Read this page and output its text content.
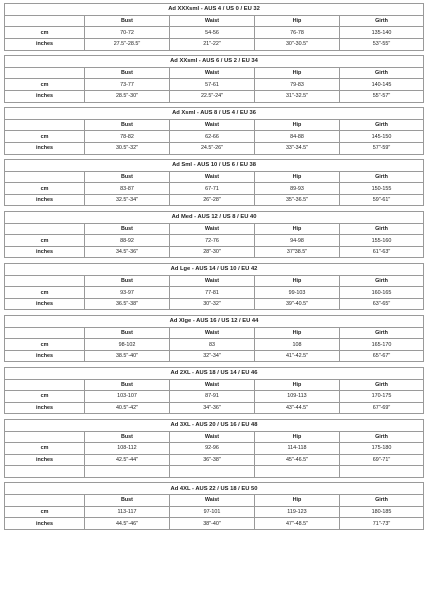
Ad XXXsml - AUS 4 / US 0 / EU 32				
	Bust	Waist	Hip	Girth
cm	70-72	54-56	76-78	135-140
inches	27.5"-28.5"	21"-22"	30"-30.5"	53"-55"
Ad XXsml - AUS 6 / US 2 / EU 34				
	Bust	Waist	Hip	Girth
cm	73-77	57-61	79-83	140-145
inches	28.5"-30"	22.5"-24"	31"-32.5"	55"-57"
Ad Xsml - AUS 8 / US 4 / EU 36				
	Bust	Waist	Hip	Girth
cm	78-82	62-66	84-88	145-150
inches	30.5"-32"	24.5"-26"	33"-34.5"	57"-59"
Ad Sml - AUS 10 / US 6 / EU 38				
	Bust	Waist	Hip	Girth
cm	83-87	67-71	89-93	150-155
inches	32.5"-34"	26"-28"	35"-36.5"	59"-61"
Ad Med - AUS 12 / US 8 / EU 40				
	Bust	Waist	Hip	Girth
cm	88-92	72-76	94-98	155-160
inches	34.5"-36"	28"-30"	37"38.5"	61"-63"
Ad Lge - AUS 14 / US 10 / EU 42				
	Bust	Waist	Hip	Girth
cm	93-97	77-81	99-103	160-165
inches	36.5"-38"	30"-32"	39"-40.5"	63"-65"
Ad Xlge - AUS 16 / US 12 / EU 44				
	Bust	Waist	Hip	Girth
cm	98-102	83	108	165-170
inches	38.5"-40"	32"-34"	41"-42.5"	65"-67"
Ad 2XL - AUS 18 / US 14 / EU 46				
	Bust	Waist	Hip	Girth
cm	103-107	87-91	109-113	170-175
inches	40.5"-42"	34"-36"	43"-44.5"	67"-69"
Ad 3XL - AUS 20 / US 16 / EU 48				
	Bust	Waist	Hip	Girth
cm	108-112	92-96	114-118	175-180
inches	42.5"-44"	36"-38"	45"-46.5"	69"-71"

Ad 4XL - AUS 22 / US 18 / EU 50				
	Bust	Waist	Hip	Girth
cm	113-117	97-101	119-123	180-185
inches	44.5"-46"	38"-40"	47"-48.5"	71"-73"
